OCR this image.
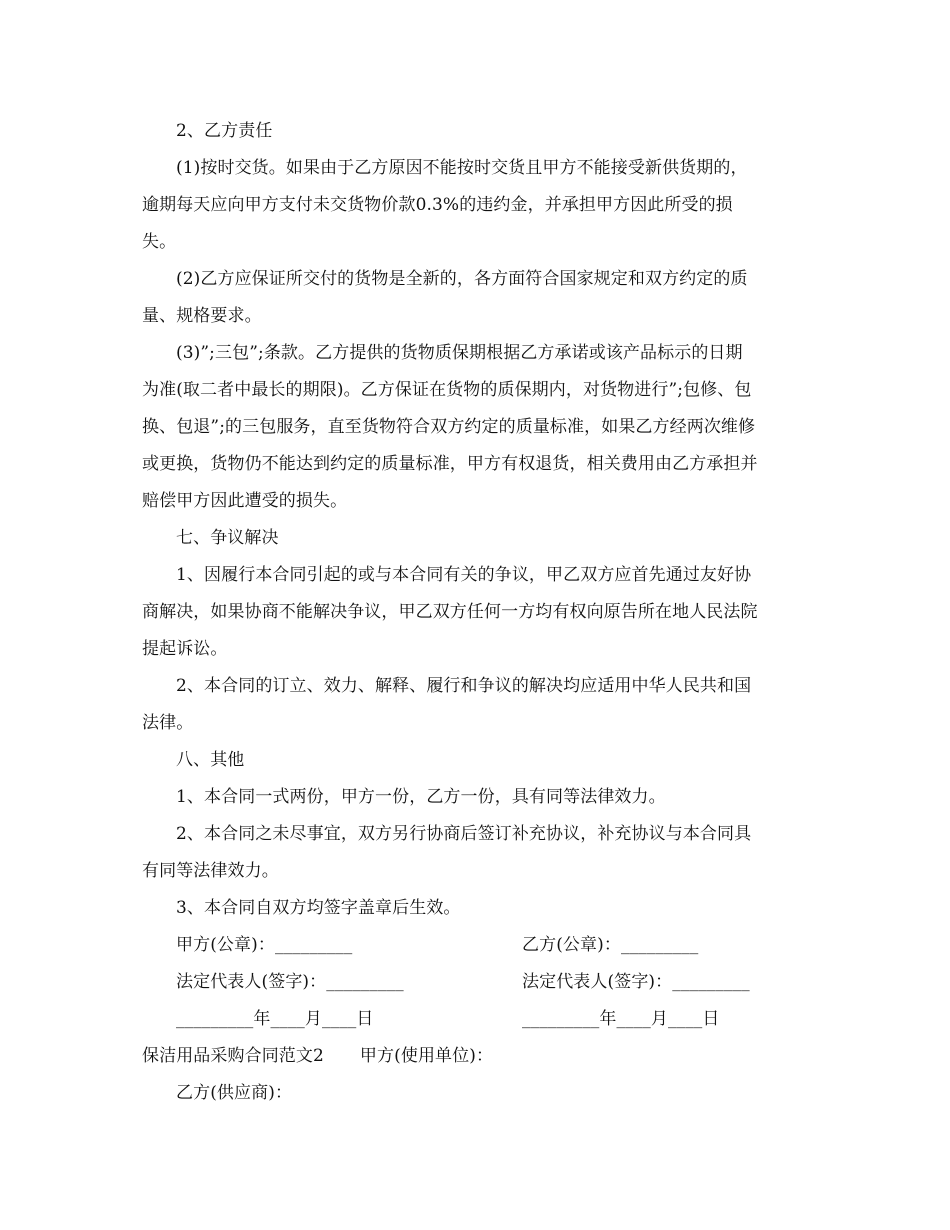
2、乙方责任
(1)按时交货。如果由于乙方原因不能按时交货且甲方不能接受新供货期的，
逾期每天应向甲方支付未交货物价款0.3%的违约金，并承担甲方因此所受的损
失。
(2)乙方应保证所交付的货物是全新的，各方面符合国家规定和双方约定的质
量、规格要求。
(3)”;三包”;条款。乙方提供的货物质保期根据乙方承诺或该产品标示的日期
为准(取二者中最长的期限)。乙方保证在货物的质保期内，对货物进行”;包修、包
换、包退”;的三包服务，直至货物符合双方约定的质量标准，如果乙方经两次维修
或更换，货物仍不能达到约定的质量标准，甲方有权退货，相关费用由乙方承担并
赔偿甲方因此遭受的损失。
七、争议解决
1、因履行本合同引起的或与本合同有关的争议，甲乙双方应首先通过友好协
商解决，如果协商不能解决争议，甲乙双方任何一方均有权向原告所在地人民法院
提起诉讼。
2、本合同的订立、效力、解释、履行和争议的解决均应适用中华人民共和国
法律。
八、其他
1、本合同一式两份，甲方一份，乙方一份，具有同等法律效力。
2、本合同之未尽事宜，双方另行协商后签订补充协议，补充协议与本合同具
有同等法律效力。
3、本合同自双方均签字盖章后生效。
甲方(公章)：_________	乙方(公章)：_________
法定代表人(签字)：_________	法定代表人(签字)：_________
_________年____月____日	_________年____月____日
保洁用品采购合同范文2 甲方(使用单位)：
乙方(供应商)：
